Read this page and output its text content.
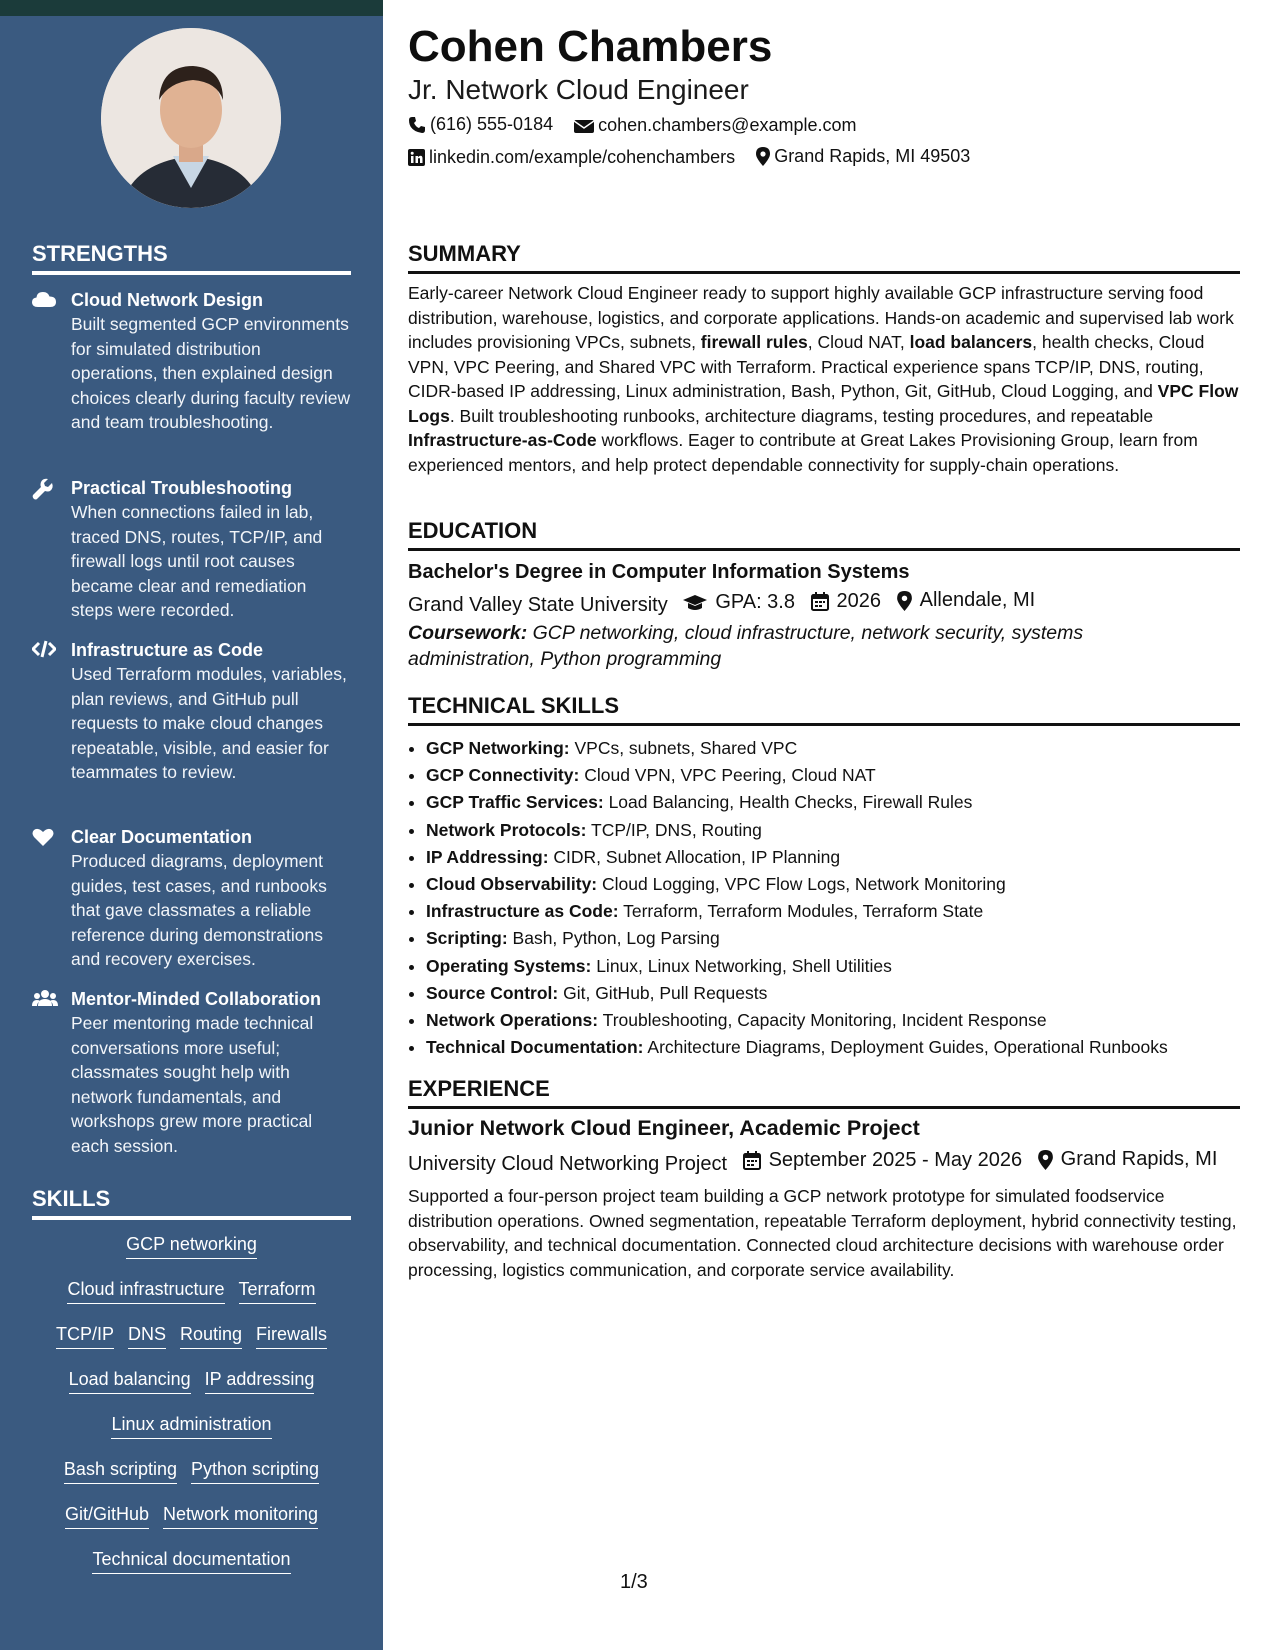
STRENGTHS
Cloud Network Design
Built segmented GCP environments for simulated distribution operations, then explained design choices clearly during faculty review and team troubleshooting.
Practical Troubleshooting
When connections failed in lab, traced DNS, routes, TCP/IP, and firewall logs until root causes became clear and remediation steps were recorded.
Infrastructure as Code
Used Terraform modules, variables, plan reviews, and GitHub pull requests to make cloud changes repeatable, visible, and easier for teammates to review.
Clear Documentation
Produced diagrams, deployment guides, test cases, and runbooks that gave classmates a reliable reference during demonstrations and recovery exercises.
Mentor-Minded Collaboration
Peer mentoring made technical conversations more useful; classmates sought help with network fundamentals, and workshops grew more practical each session.
SKILLS
GCP networking
Cloud infrastructure Terraform
TCP/IP DNS Routing Firewalls
Load balancing IP addressing
Linux administration
Bash scripting Python scripting
Git/GitHub Network monitoring
Technical documentation
Cohen Chambers
Jr. Network Cloud Engineer
(616) 555-0184
	cohen.chambers@example.com
linkedin.com/example/cohenchambers
Grand Rapids, MI 49503
SUMMARY
Early-career Network Cloud Engineer ready to support highly available GCP infrastructure serving food distribution, warehouse, logistics, and corporate applications. Hands-on academic and supervised lab work includes provisioning VPCs, subnets, firewall rules, Cloud NAT, load balancers, health checks, Cloud VPN, VPC Peering, and Shared VPC with Terraform. Practical experience spans TCP/IP, DNS, routing, CIDR-based IP addressing, Linux administration, Bash, Python, Git, GitHub, Cloud Logging, and VPC Flow Logs. Built troubleshooting runbooks, architecture diagrams, testing procedures, and repeatable Infrastructure-as-Code workflows. Eager to contribute at Great Lakes Provisioning Group, learn from experienced mentors, and help protect dependable connectivity for supply-chain operations.
EDUCATION
Bachelor's Degree in Computer Information Systems
Grand Valley State University
GPA: 3.8
2026
Allendale, MI
Coursework: GCP networking, cloud infrastructure, network security, systems administration, Python programming
TECHNICAL SKILLS
• GCP Networking: VPCs, subnets, Shared VPC
• GCP Connectivity: Cloud VPN, VPC Peering, Cloud NAT
• GCP Traffic Services: Load Balancing, Health Checks, Firewall Rules
• Network Protocols: TCP/IP, DNS, Routing
• IP Addressing: CIDR, Subnet Allocation, IP Planning
• Cloud Observability: Cloud Logging, VPC Flow Logs, Network Monitoring
• Infrastructure as Code: Terraform, Terraform Modules, Terraform State
• Scripting: Bash, Python, Log Parsing
• Operating Systems: Linux, Linux Networking, Shell Utilities
• Source Control: Git, GitHub, Pull Requests
• Network Operations: Troubleshooting, Capacity Monitoring, Incident Response
• Technical Documentation: Architecture Diagrams, Deployment Guides, Operational Runbooks
EXPERIENCE
Junior Network Cloud Engineer, Academic Project
University Cloud Networking Project
September 2025 - May 2026
Grand Rapids, MI
Supported a four-person project team building a GCP network prototype for simulated foodservice distribution operations. Owned segmentation, repeatable Terraform deployment, hybrid connectivity testing, observability, and technical documentation. Connected cloud architecture decisions with warehouse order processing, logistics communication, and corporate service availability.
1/3
